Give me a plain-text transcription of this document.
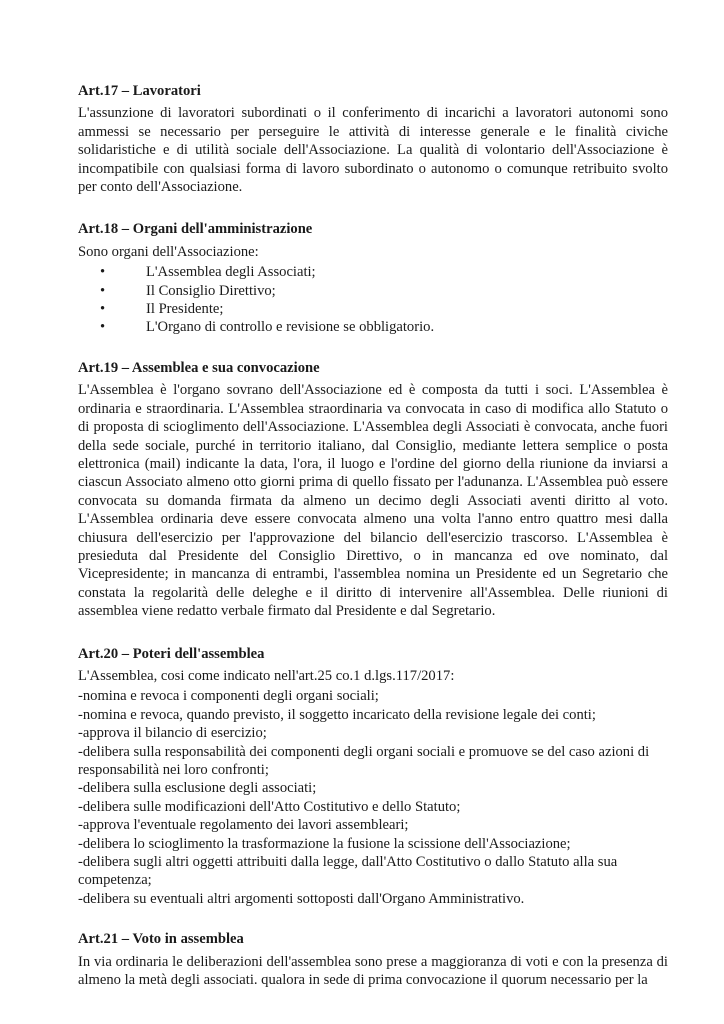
Art.17 – Lavoratori

L'assunzione di lavoratori subordinati o il conferimento di incarichi a lavoratori autonomi sono ammessi se necessario per perseguire le attività di interesse generale e le finalità civiche solidaristiche e di utilità sociale dell'Associazione. La qualità di volontario dell'Associazione è incompatibile con qualsiasi forma di lavoro subordinato o autonomo o comunque retribuito svolto per conto dell'Associazione.

Art.18 – Organi dell'amministrazione

Sono organi dell'Associazione:

•	L'Assemblea degli Associati;
•	Il Consiglio Direttivo;
•	Il Presidente;
•	L'Organo di controllo e revisione se obbligatorio.
Art.19 – Assemblea e sua convocazione

L'Assemblea è l'organo sovrano dell'Associazione ed è composta da tutti i soci. L'Assemblea è ordinaria e straordinaria. L'Assemblea straordinaria va convocata in caso di modifica allo Statuto o di proposta di scioglimento dell'Associazione. L'Assemblea degli Associati è convocata, anche fuori della sede sociale, purché in territorio italiano, dal Consiglio, mediante lettera semplice o posta elettronica (mail) indicante la data, l'ora, il luogo e l'ordine del giorno della riunione da inviarsi a ciascun Associato almeno otto giorni prima di quello fissato per l'adunanza. L'Assemblea può essere convocata su domanda firmata da almeno un decimo degli Associati aventi diritto al voto. L'Assemblea ordinaria deve essere convocata almeno una volta l'anno entro quattro mesi dalla chiusura dell'esercizio per l'approvazione del bilancio dell'esercizio trascorso. L'Assemblea è presieduta dal Presidente del Consiglio Direttivo, o in mancanza ed ove nominato, dal Vicepresidente; in mancanza di entrambi, l'assemblea nomina un Presidente ed un Segretario che constata la regolarità delle deleghe e il diritto di intervenire all'Assemblea. Delle riunioni di assemblea viene redatto verbale firmato dal Presidente e dal Segretario.

Art.20 – Poteri dell'assemblea

L'Assemblea, cosi come indicato nell'art.25 co.1 d.lgs.117/2017:

-nomina e revoca i componenti degli organi sociali;
-nomina e revoca, quando previsto, il soggetto incaricato della revisione legale dei conti;
-approva il bilancio di esercizio;
-delibera sulla responsabilità dei componenti degli organi sociali e promuove se del caso azioni di responsabilità nei loro confronti;
-delibera sulla esclusione degli associati;
-delibera sulle modificazioni dell'Atto Costitutivo e dello Statuto;
-approva l'eventuale regolamento dei lavori assembleari;
-delibera lo scioglimento la trasformazione la fusione la scissione dell'Associazione;
-delibera sugli altri oggetti attribuiti dalla legge, dall'Atto Costitutivo o dallo Statuto alla sua competenza;
-delibera su eventuali altri argomenti sottoposti dall'Organo Amministrativo.
Art.21 – Voto in assemblea

In via ordinaria le deliberazioni dell'assemblea sono prese a maggioranza di voti e con la presenza di almeno la metà degli associati. qualora in sede di prima convocazione il quorum necessario per la
